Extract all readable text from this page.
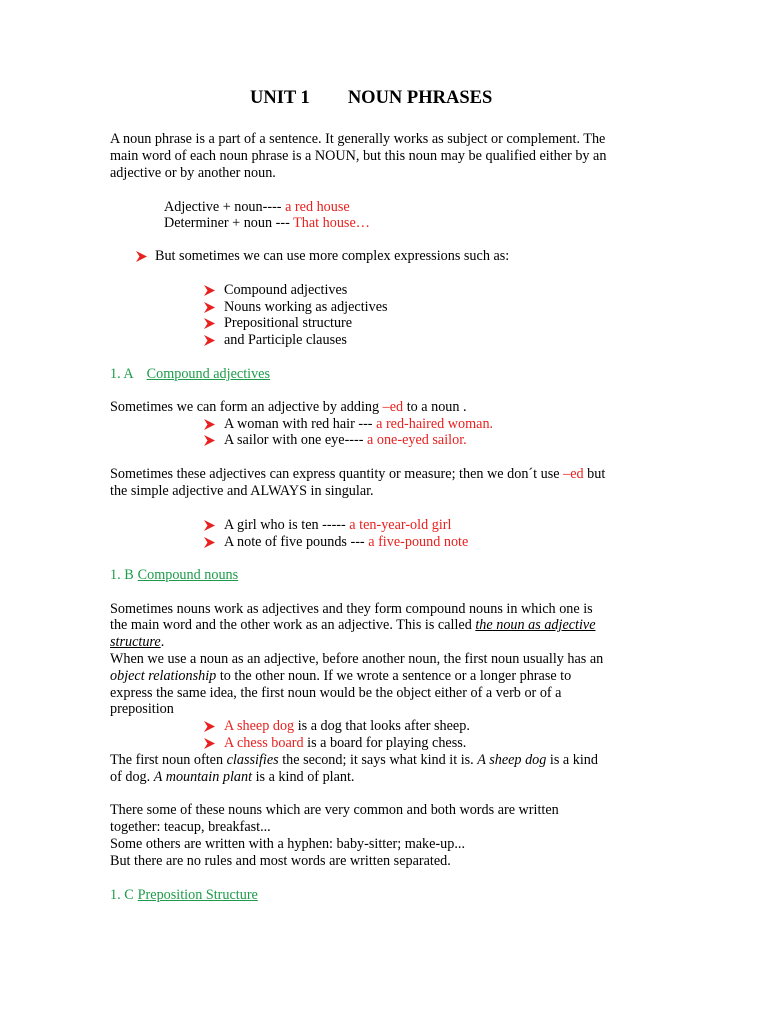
UNIT 1 NOUN PHRASES
A noun phrase is a part of a sentence. It generally works as subject or complement. The
main word of each noun phrase is a NOUN, but this noun may be qualified either by an
adjective or by another noun.
Adjective + noun---- a red house
Determiner + noun --- That house…
But sometimes we can use more complex expressions such as:
Compound adjectives
Nouns working as adjectives
Prepositional structure
and Participle clauses
1. A Compound adjectives
Sometimes we can form an adjective by adding –ed to a noun .
A woman with red hair --- a red-haired woman.
A sailor with one eye---- a one-eyed sailor.
Sometimes these adjectives can express quantity or measure; then we don´t use –ed but
the simple adjective and ALWAYS in singular.
A girl who is ten ----- a ten-year-old girl
A note of five pounds --- a five-pound note
1. B Compound nouns
Sometimes nouns work as adjectives and they form compound nouns in which one is
the main word and the other work as an adjective. This is called the noun as adjective
structure.
When we use a noun as an adjective, before another noun, the first noun usually has an
object relationship to the other noun. If we wrote a sentence or a longer phrase to
express the same idea, the first noun would be the object either of a verb or of a
preposition
A sheep dog is a dog that looks after sheep.
A chess board is a board for playing chess.
The first noun often classifies the second; it says what kind it is. A sheep dog is a kind
of dog. A mountain plant is a kind of plant.
There some of these nouns which are very common and both words are written
together: teacup, breakfast...
Some others are written with a hyphen: baby-sitter; make-up...
But there are no rules and most words are written separated.
1. C Preposition Structure
